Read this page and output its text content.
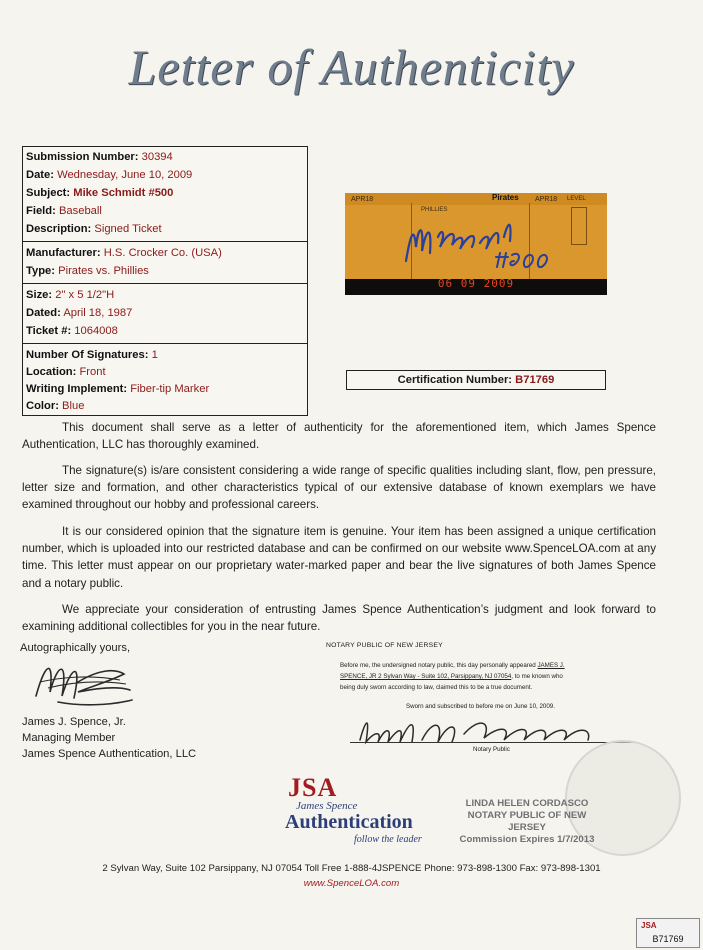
Letter of Authenticity
Submission Number: 30394
Date: Wednesday, June 10, 2009
Subject: Mike Schmidt #500
Field: Baseball
Description: Signed Ticket
Manufacturer: H.S. Crocker Co. (USA)
Type: Pirates vs. Phillies
Size: 2" x 5 1/2"H
Dated: April 18, 1987
Ticket #: 1064008
Number Of Signatures: 1
Location: Front
Writing Implement: Fiber-tip Marker
Color: Blue
APR18	Pirates
PHILLIES
APR18 LEVEL
06 09 2009
Certification Number: B71769
This document shall serve as a letter of authenticity for the aforementioned item, which James Spence Authentication, LLC has thoroughly examined.
The signature(s) is/are consistent considering a wide range of specific qualities including slant, flow, pen pressure, letter size and formation, and other characteristics typical of our extensive database of known exemplars we have examined throughout our hobby and professional careers.
It is our considered opinion that the signature item is genuine. Your item has been assigned a unique certification number, which is uploaded into our restricted database and can be confirmed on our website www.SpenceLOA.com at any time. This letter must appear on our proprietary water-marked paper and bear the live signatures of both James Spence and a notary public.
We appreciate your consideration of entrusting James Spence Authentication’s judgment and look forward to examining additional collectibles for you in the near future.
Autographically yours,
James J. Spence, Jr.
Managing Member
James Spence Authentication, LLC
NOTARY PUBLIC OF NEW JERSEY
Before me, the undersigned notary public, this day personally appeared JAMES J.
SPENCE, JR 2 Sylvan Way - Suite 102, Parsippany, NJ 07054, to me known who
being duly sworn according to law, claimed this to be a true document.
Sworn and subscribed to before me on June 10, 2009.
Notary Public
LINDA HELEN CORDASCO
NOTARY PUBLIC OF NEW JERSEY
Commission Expires 1/7/2013
JSA
James Spence
Authentication
follow the leader
2 Sylvan Way, Suite 102 Parsippany, NJ 07054 Toll Free 1-888-4JSPENCE Phone: 973-898-1300 Fax: 973-898-1301
www.SpenceLOA.com
JSA
B71769
